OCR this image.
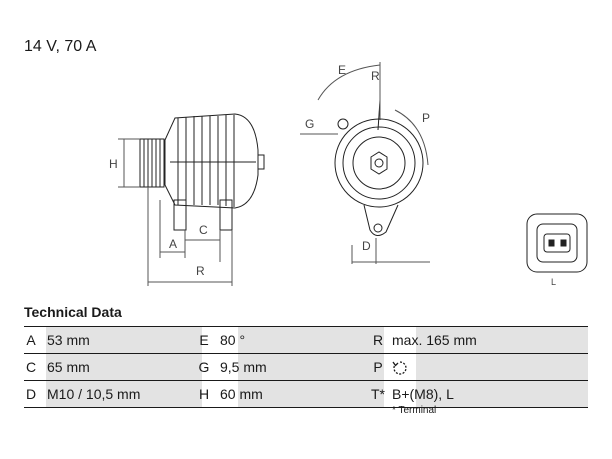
14 V, 70 A
E R
G	P
H
A
C
R
D
L
Technical Data
A 53 mm	E 80 °	R max. 165 mm
C 65 mm	G 9,5 mm	P
D M10 / 10,5 mm	H 60 mm	T* B+(M8), L
* Terminal
